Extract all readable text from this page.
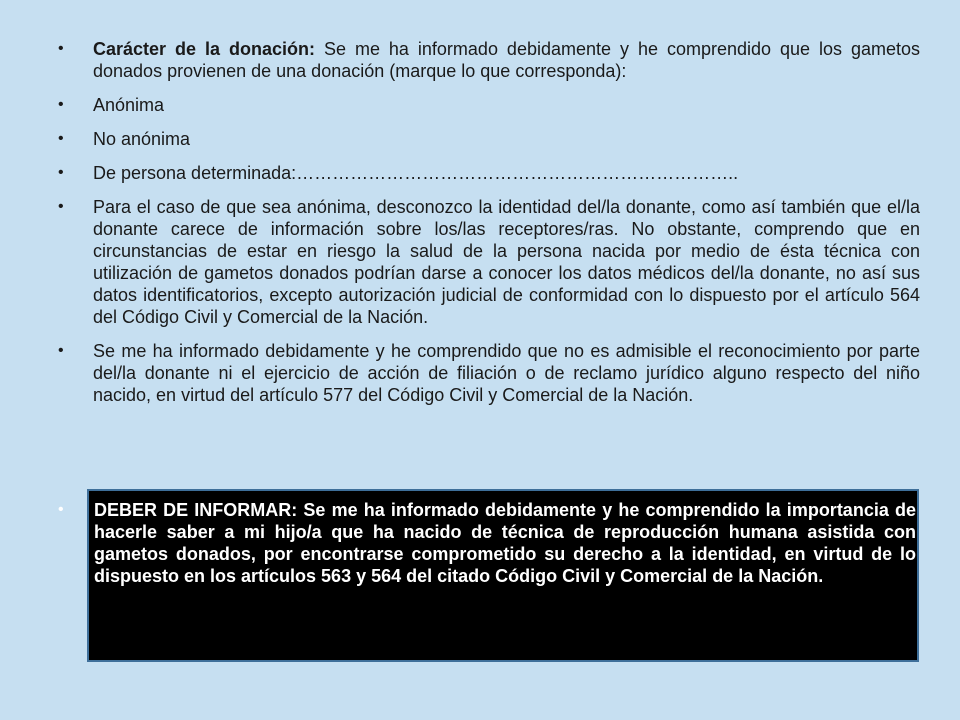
•	Carácter de la donación: Se me ha informado debidamente y he comprendido que los gametos donados provienen de una donación (marque lo que corresponda):
•	Anónima
•	No anónima
•	De persona determinada:………………………………………………………………..
•	Para el caso de que sea anónima, desconozco la identidad del/la donante, como así también que el/la donante carece de información sobre los/las receptores/ras. No obstante, comprendo que en circunstancias de estar en riesgo la salud de la persona nacida por medio de ésta técnica con utilización de gametos donados podrían darse a conocer los datos médicos del/la donante, no así sus datos identificatorios, excepto autorización judicial de conformidad con lo dispuesto por el artículo 564 del Código Civil y Comercial de la Nación.
•	Se me ha informado debidamente y he comprendido que no es admisible el reconocimiento por parte del/la donante ni el ejercicio de acción de filiación o de reclamo jurídico alguno respecto del niño nacido, en virtud del artículo 577 del Código Civil y Comercial de la Nación.
• DEBER DE INFORMAR: Se me ha informado debidamente y he comprendido la importancia de hacerle saber a mi hijo/a que ha nacido de técnica de reproducción humana asistida con gametos donados, por encontrarse comprometido su derecho a la identidad, en virtud de lo dispuesto en los artículos 563 y 564 del citado Código Civil y Comercial de la Nación.
